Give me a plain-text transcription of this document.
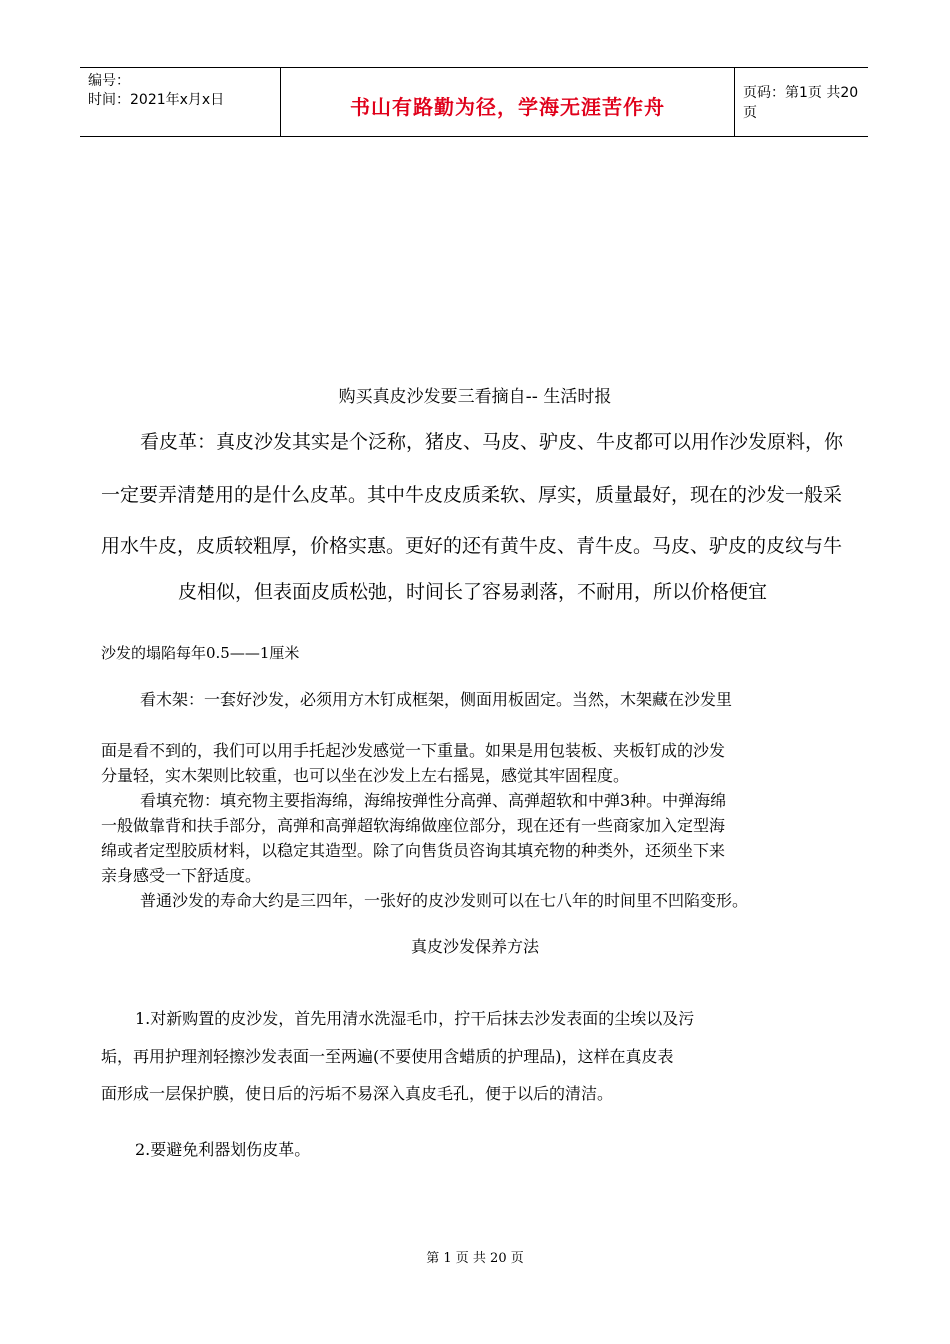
编号：
时间：2021年x月x日	书山有路勤为径，学海无涯苦作舟
页码：第1页 共20页
购买真皮沙发要三看摘自-- 生活时报
看皮革：真皮沙发其实是个泛称，猪皮、马皮、驴皮、牛皮都可以用作沙发原料，你
一定要弄清楚用的是什么皮革。其中牛皮皮质柔软、厚实，质量最好，现在的沙发一般采
用水牛皮，皮质较粗厚，价格实惠。更好的还有黄牛皮、青牛皮。马皮、驴皮的皮纹与牛
皮相似，但表面皮质松弛，时间长了容易剥落，不耐用，所以价格便宜
沙发的塌陷每年0.5——1厘米
看木架：一套好沙发，必须用方木钉成框架，侧面用板固定。当然，木架藏在沙发里
面是看不到的，我们可以用手托起沙发感觉一下重量。如果是用包装板、夹板钉成的沙发
分量轻，实木架则比较重，也可以坐在沙发上左右摇晃，感觉其牢固程度。
看填充物：填充物主要指海绵，海绵按弹性分高弹、高弹超软和中弹3种。中弹海绵
一般做靠背和扶手部分，高弹和高弹超软海绵做座位部分，现在还有一些商家加入定型海
绵或者定型胶质材料，以稳定其造型。除了向售货员咨询其填充物的种类外，还须坐下来
亲身感受一下舒适度。
普通沙发的寿命大约是三四年，一张好的皮沙发则可以在七八年的时间里不凹陷变形。
真皮沙发保养方法
1.对新购置的皮沙发，首先用清水洗湿毛巾，拧干后抹去沙发表面的尘埃以及污
垢，再用护理剂轻擦沙发表面一至两遍(不要使用含蜡质的护理品)，这样在真皮表
面形成一层保护膜，使日后的污垢不易深入真皮毛孔，便于以后的清洁。
2.要避免利器划伤皮革。
第 1 页 共 20 页
